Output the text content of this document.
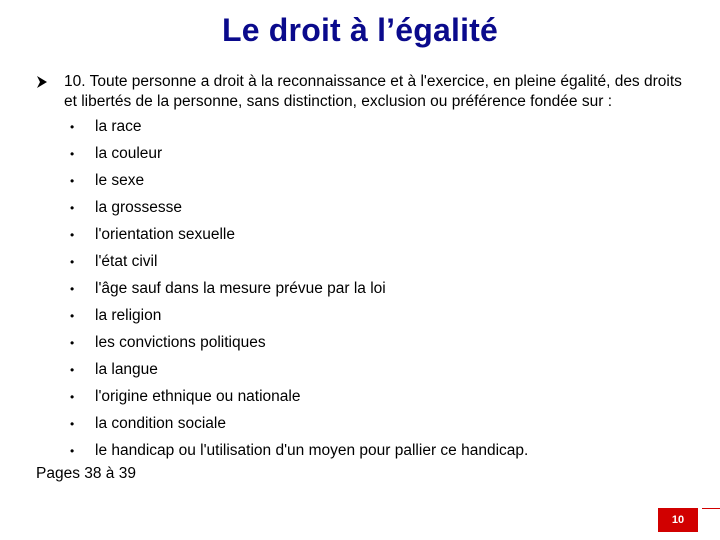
Le droit à l’égalité
10. Toute personne a droit à la reconnaissance et à l'exercice, en pleine égalité, des droits et libertés de la personne, sans distinction, exclusion ou préférence fondée sur :
• la race
• la couleur
• le sexe
• la grossesse
• l'orientation sexuelle
• l'état civil
• l'âge sauf dans la mesure prévue par la loi
• la religion
• les convictions politiques
• la langue
• l'origine ethnique ou nationale
• la condition sociale
• le handicap ou l'utilisation d'un moyen pour pallier ce handicap.
Pages 38 à 39
10
